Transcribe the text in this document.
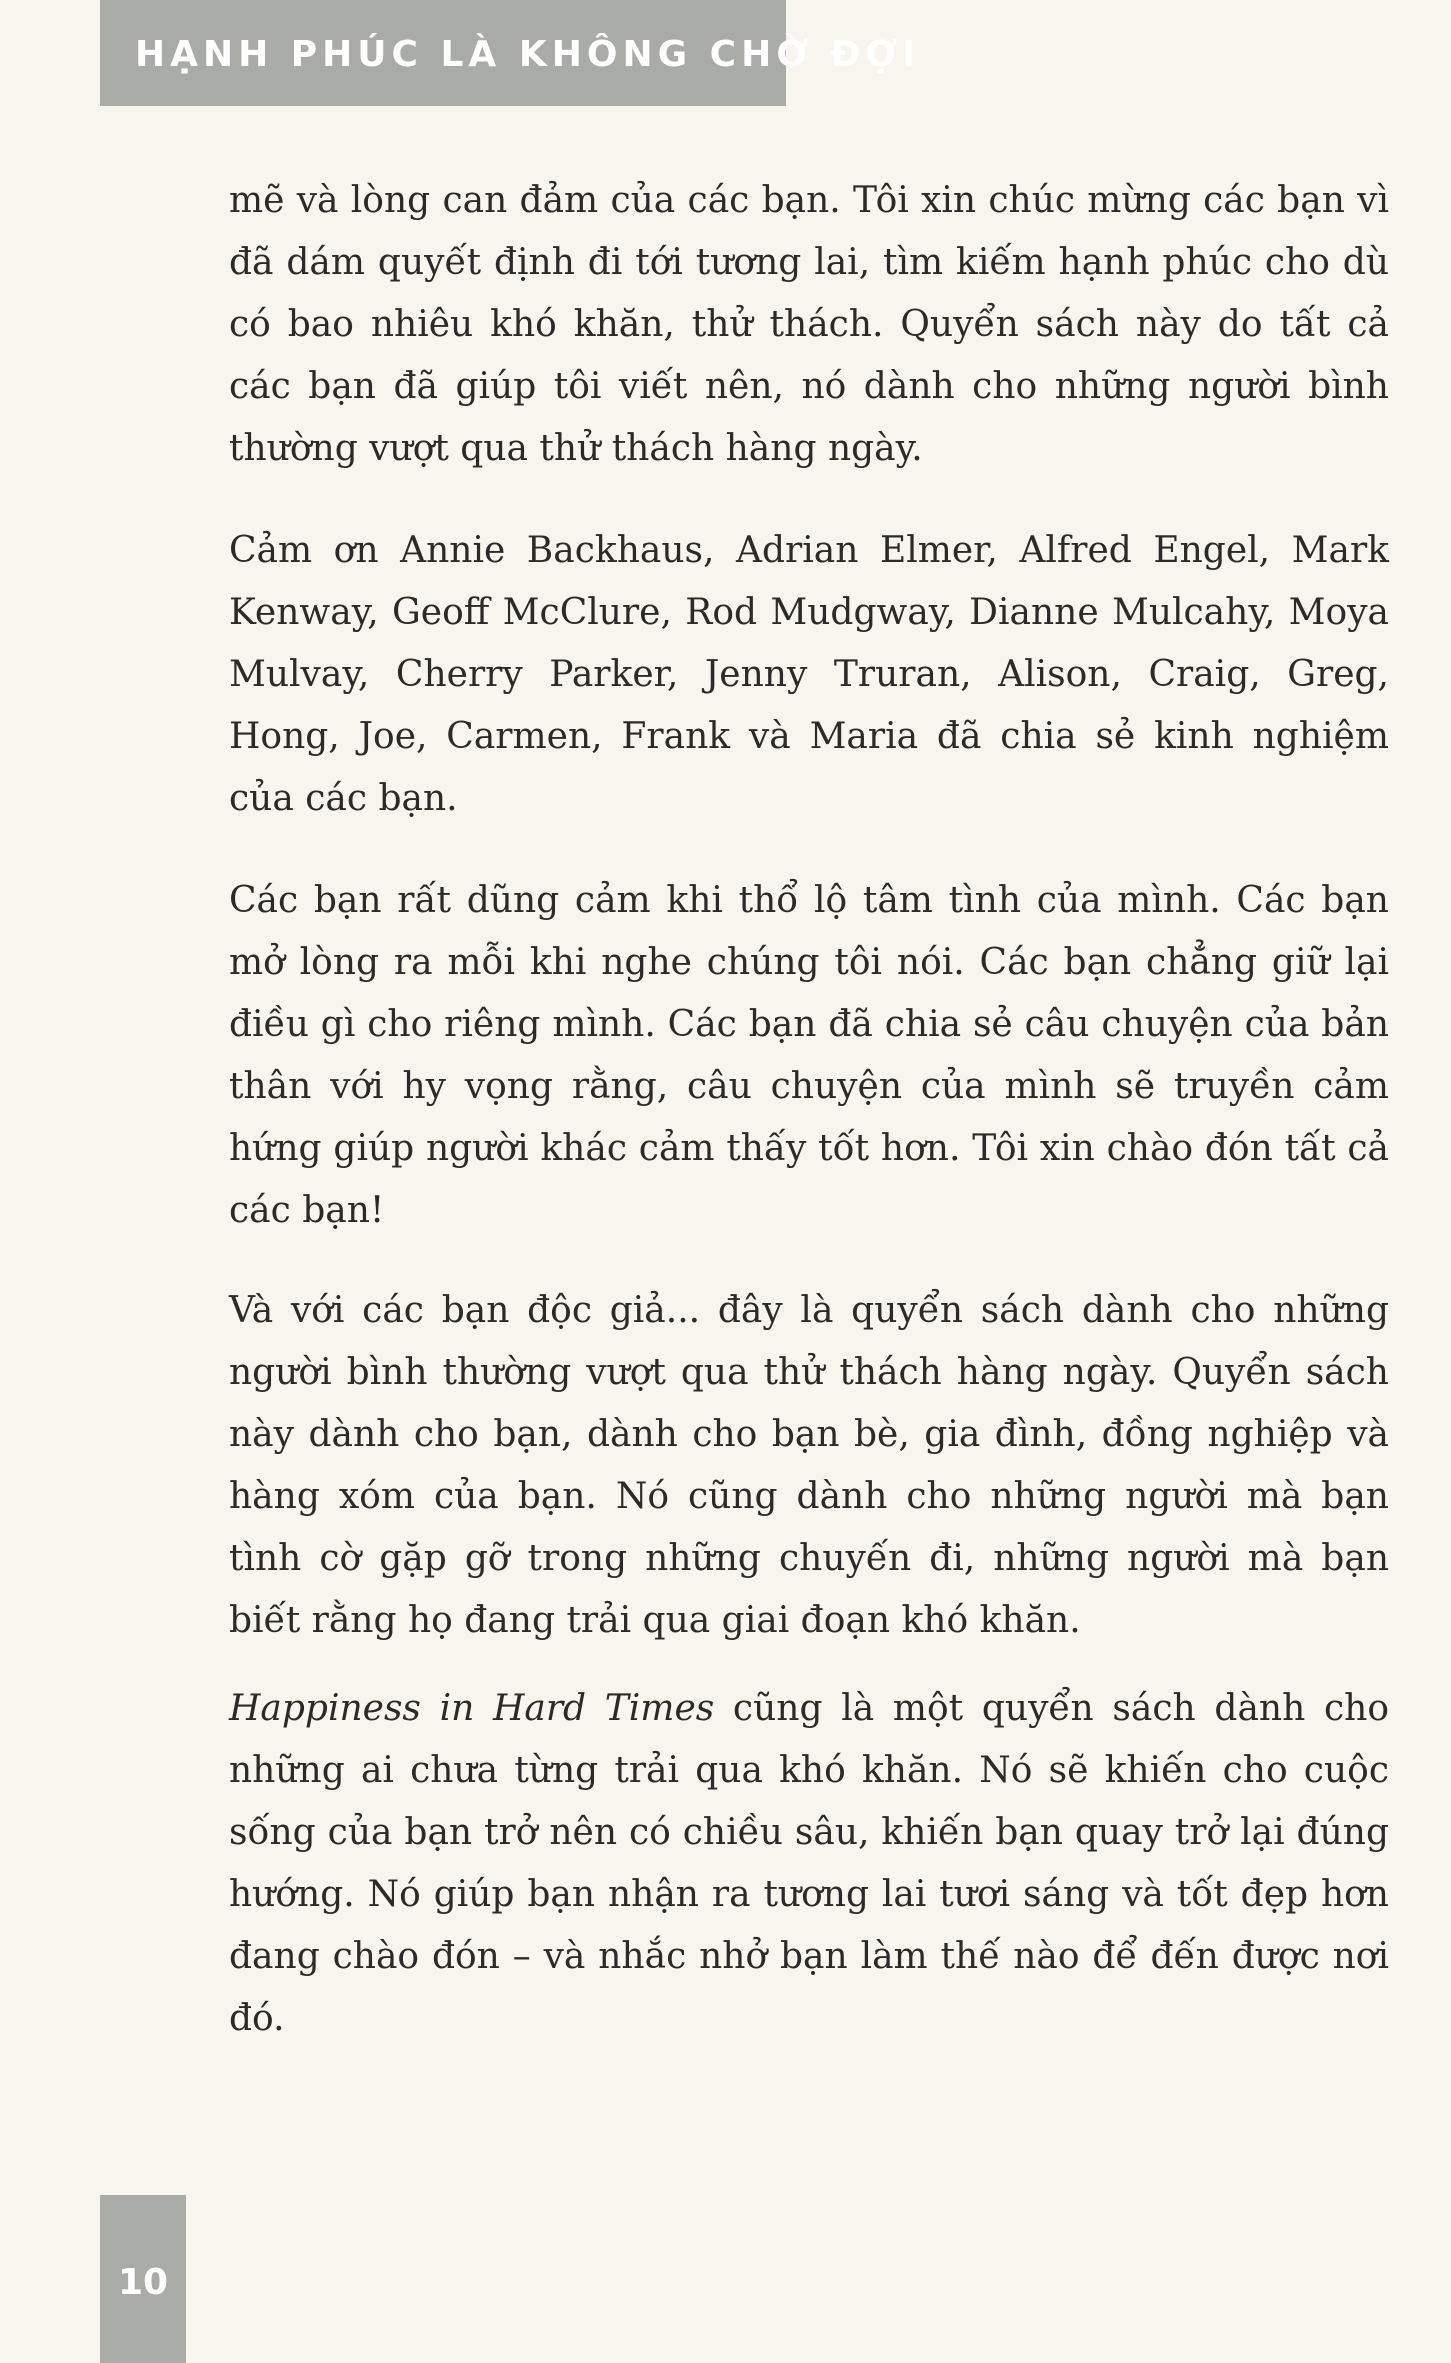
HẠNH PHÚC LÀ KHÔNG CHỜ ĐỢI

mẽ và lòng can đảm của các bạn. Tôi xin chúc mừng các bạn vì đã dám quyết định đi tới tương lai, tìm kiếm hạnh phúc cho dù có bao nhiêu khó khăn, thử thách. Quyển sách này do tất cả các bạn đã giúp tôi viết nên, nó dành cho những người bình thường vượt qua thử thách hàng ngày.

Cảm ơn Annie Backhaus, Adrian Elmer, Alfred Engel, Mark Kenway, Geoff McClure, Rod Mudgway, Dianne Mulcahy, Moya Mulvay, Cherry Parker, Jenny Truran, Alison, Craig, Greg, Hong, Joe, Carmen, Frank và Maria đã chia sẻ kinh nghiệm của các bạn.

Các bạn rất dũng cảm khi thổ lộ tâm tình của mình. Các bạn mở lòng ra mỗi khi nghe chúng tôi nói. Các bạn chẳng giữ lại điều gì cho riêng mình. Các bạn đã chia sẻ câu chuyện của bản thân với hy vọng rằng, câu chuyện của mình sẽ truyền cảm hứng giúp người khác cảm thấy tốt hơn. Tôi xin chào đón tất cả các bạn!

Và với các bạn độc giả... đây là quyển sách dành cho những người bình thường vượt qua thử thách hàng ngày. Quyển sách này dành cho bạn, dành cho bạn bè, gia đình, đồng nghiệp và hàng xóm của bạn. Nó cũng dành cho những người mà bạn tình cờ gặp gỡ trong những chuyến đi, những người mà bạn biết rằng họ đang trải qua giai đoạn khó khăn.

Happiness in Hard Times cũng là một quyển sách dành cho những ai chưa từng trải qua khó khăn. Nó sẽ khiến cho cuộc sống của bạn trở nên có chiều sâu, khiến bạn quay trở lại đúng hướng. Nó giúp bạn nhận ra tương lai tươi sáng và tốt đẹp hơn đang chào đón – và nhắc nhở bạn làm thế nào để đến được nơi đó.

10
